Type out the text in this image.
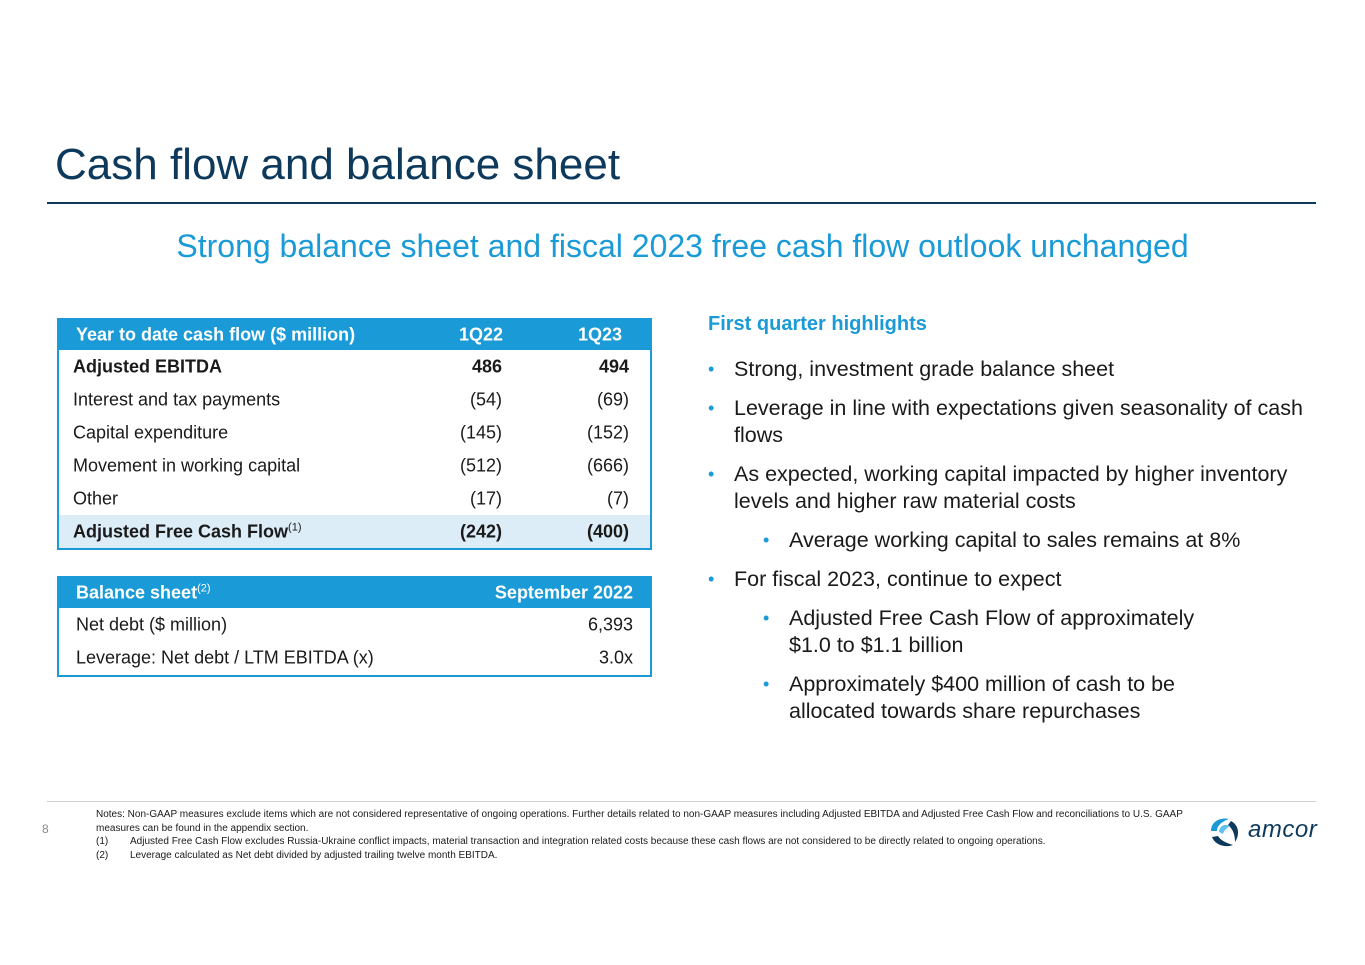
Cash flow and balance sheet
Strong balance sheet and fiscal 2023 free cash flow outlook unchanged
Year to date cash flow ($ million)	1Q22	1Q23
Adjusted EBITDA	486	494
Interest and tax payments	(54)	(69)
Capital expenditure	(145)	(152)
Movement in working capital	(512)	(666)
Other	(17)	(7)
Adjusted Free Cash Flow$^{(1)}$	(242)	(400)
Balance sheet$^{(2)}$	September 2022
Net debt ($ million)	6,393
Leverage: Net debt / LTM EBITDA (x)	3.0x
First quarter highlights
• Strong, investment grade balance sheet
• Leverage in line with expectations given seasonality of cash flows
• As expected, working capital impacted by higher inventory levels and higher raw material costs
• Average working capital to sales remains at 8%
• For fiscal 2023, continue to expect
• Adjusted Free Cash Flow of approximately $1.0 to $1.1 billion
• Approximately $400 million of cash to be allocated towards share repurchases
8
Notes: Non-GAAP measures exclude items which are not considered representative of ongoing operations. Further details related to non-GAAP measures including Adjusted EBITDA and Adjusted Free Cash Flow and reconciliations to U.S. GAAP measures can be found in the appendix section.
(1) Adjusted Free Cash Flow excludes Russia-Ukraine conflict impacts, material transaction and integration related costs because these cash flows are not considered to be directly related to ongoing operations.
(2) Leverage calculated as Net debt divided by adjusted trailing twelve month EBITDA.
amcor
